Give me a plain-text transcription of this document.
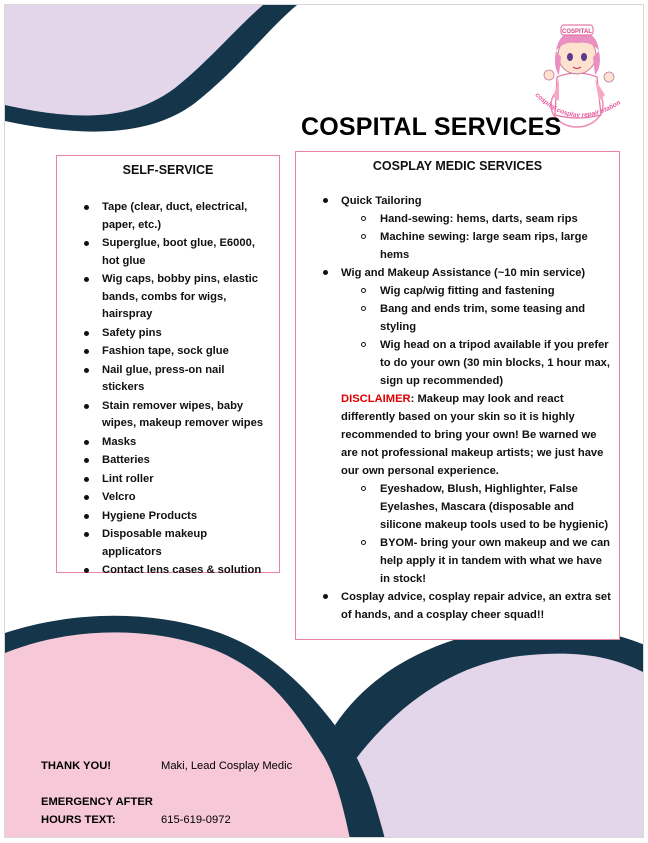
COSPITAL
cospital cosplay repair station
COSPITAL SERVICES
SELF-SERVICE
Tape (clear, duct, electrical, paper, etc.)
Superglue, boot glue, E6000, hot glue
Wig caps, bobby pins, elastic bands, combs for wigs, hairspray
Safety pins
Fashion tape, sock glue
Nail glue, press-on nail stickers
Stain remover wipes, baby wipes, makeup remover wipes
Masks
Batteries
Lint roller
Velcro
Hygiene Products
Disposable makeup applicators
Contact lens cases & solution
COSPLAY MEDIC SERVICES
Quick Tailoring
Hand-sewing: hems, darts, seam rips
Machine sewing: large seam rips, large hems
Wig and Makeup Assistance (~10 min service)
Wig cap/wig fitting and fastening
Bang and ends trim, some teasing and styling
Wig head on a tripod available if you prefer to do your own (30 min blocks, 1 hour max, sign up recommended)
DISCLAIMER: Makeup may look and react differently based on your skin so it is highly recommended to bring your own! Be warned we are not professional makeup artists; we just have our own personal experience.
Eyeshadow, Blush, Highlighter, False Eyelashes, Mascara (disposable and silicone makeup tools used to be hygienic)
BYOM- bring your own makeup and we can help apply it in tandem with what we have in stock!
Cosplay advice, cosplay repair advice, an extra set of hands, and a cosplay cheer squad!!
THANK YOU!	Maki, Lead Cosplay Medic
EMERGENCY AFTER
HOURS TEXT:	615-619-0972
